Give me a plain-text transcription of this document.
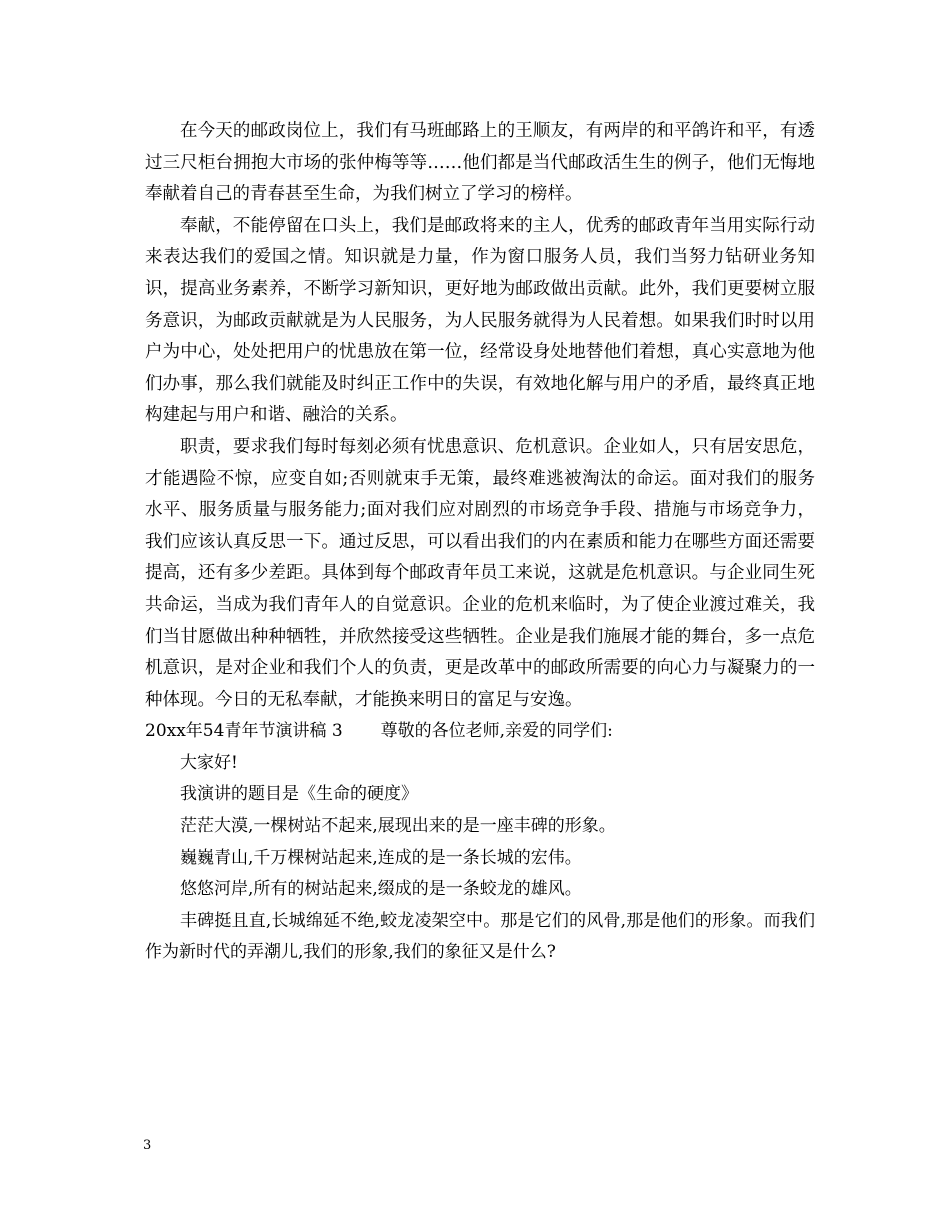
在今天的邮政岗位上，我们有马班邮路上的王顺友，有两岸的和平鸽许和平，有透过三尺柜台拥抱大市场的张仲梅等等……他们都是当代邮政活生生的例子，他们无悔地奉献着自己的青春甚至生命，为我们树立了学习的榜样。

奉献，不能停留在口头上，我们是邮政将来的主人，优秀的邮政青年当用实际行动来表达我们的爱国之情。知识就是力量，作为窗口服务人员，我们当努力钻研业务知识，提高业务素养，不断学习新知识，更好地为邮政做出贡献。此外，我们更要树立服务意识，为邮政贡献就是为人民服务，为人民服务就得为人民着想。如果我们时时以用户为中心，处处把用户的忧患放在第一位，经常设身处地替他们着想，真心实意地为他们办事，那么我们就能及时纠正工作中的失误，有效地化解与用户的矛盾，最终真正地构建起与用户和谐、融洽的关系。

职责，要求我们每时每刻必须有忧患意识、危机意识。企业如人，只有居安思危，才能遇险不惊，应变自如;否则就束手无策，最终难逃被淘汰的命运。面对我们的服务水平、服务质量与服务能力;面对我们应对剧烈的市场竞争手段、措施与市场竞争力，我们应该认真反思一下。通过反思，可以看出我们的内在素质和能力在哪些方面还需要提高，还有多少差距。具体到每个邮政青年员工来说，这就是危机意识。与企业同生死共命运，当成为我们青年人的自觉意识。企业的危机来临时，为了使企业渡过难关，我们当甘愿做出种种牺牲，并欣然接受这些牺牲。企业是我们施展才能的舞台，多一点危机意识，是对企业和我们个人的负责，更是改革中的邮政所需要的向心力与凝聚力的一种体现。今日的无私奉献，才能换来明日的富足与安逸。

20xx年54青年节演讲稿 3 尊敬的各位老师,亲爱的同学们:

大家好!

我演讲的题目是《生命的硬度》

茫茫大漠,一棵树站不起来,展现出来的是一座丰碑的形象。

巍巍青山,千万棵树站起来,连成的是一条长城的宏伟。

悠悠河岸,所有的树站起来,缀成的是一条蛟龙的雄风。

丰碑挺且直,长城绵延不绝,蛟龙凌架空中。那是它们的风骨,那是他们的形象。而我们作为新时代的弄潮儿,我们的形象,我们的象征又是什么?

3
